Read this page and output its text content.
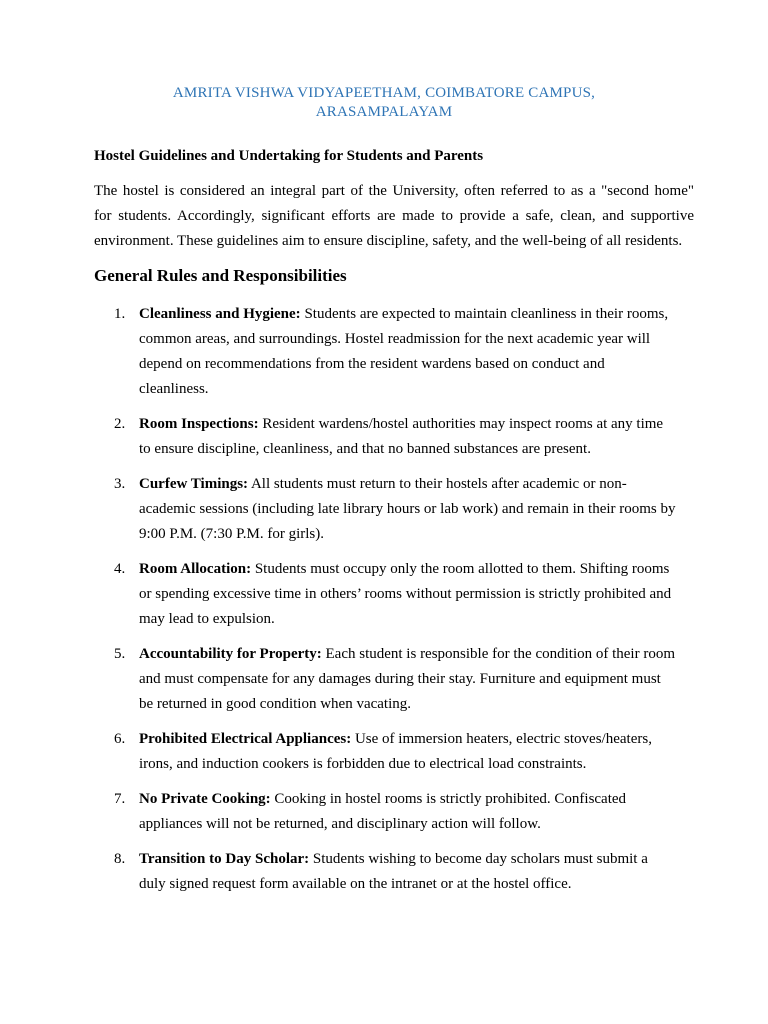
AMRITA VISHWA VIDYAPEETHAM, COIMBATORE CAMPUS,
ARASAMPALAYAM
Hostel Guidelines and Undertaking for Students and Parents
The hostel is considered an integral part of the University, often referred to as a "second home"
for students. Accordingly, significant efforts are made to provide a safe, clean, and supportive
environment. These guidelines aim to ensure discipline, safety, and the well-being of all residents.
General Rules and Responsibilities
1. Cleanliness and Hygiene: Students are expected to maintain cleanliness in their rooms,
common areas, and surroundings. Hostel readmission for the next academic year will
depend on recommendations from the resident wardens based on conduct and
cleanliness.
2. Room Inspections: Resident wardens/hostel authorities may inspect rooms at any time
to ensure discipline, cleanliness, and that no banned substances are present.
3. Curfew Timings: All students must return to their hostels after academic or non-
academic sessions (including late library hours or lab work) and remain in their rooms by
9:00 P.M. (7:30 P.M. for girls).
4. Room Allocation: Students must occupy only the room allotted to them. Shifting rooms
or spending excessive time in others’ rooms without permission is strictly prohibited and
may lead to expulsion.
5. Accountability for Property: Each student is responsible for the condition of their room
and must compensate for any damages during their stay. Furniture and equipment must
be returned in good condition when vacating.
6. Prohibited Electrical Appliances: Use of immersion heaters, electric stoves/heaters,
irons, and induction cookers is forbidden due to electrical load constraints.
7. No Private Cooking: Cooking in hostel rooms is strictly prohibited. Confiscated
appliances will not be returned, and disciplinary action will follow.
8. Transition to Day Scholar: Students wishing to become day scholars must submit a
duly signed request form available on the intranet or at the hostel office.
